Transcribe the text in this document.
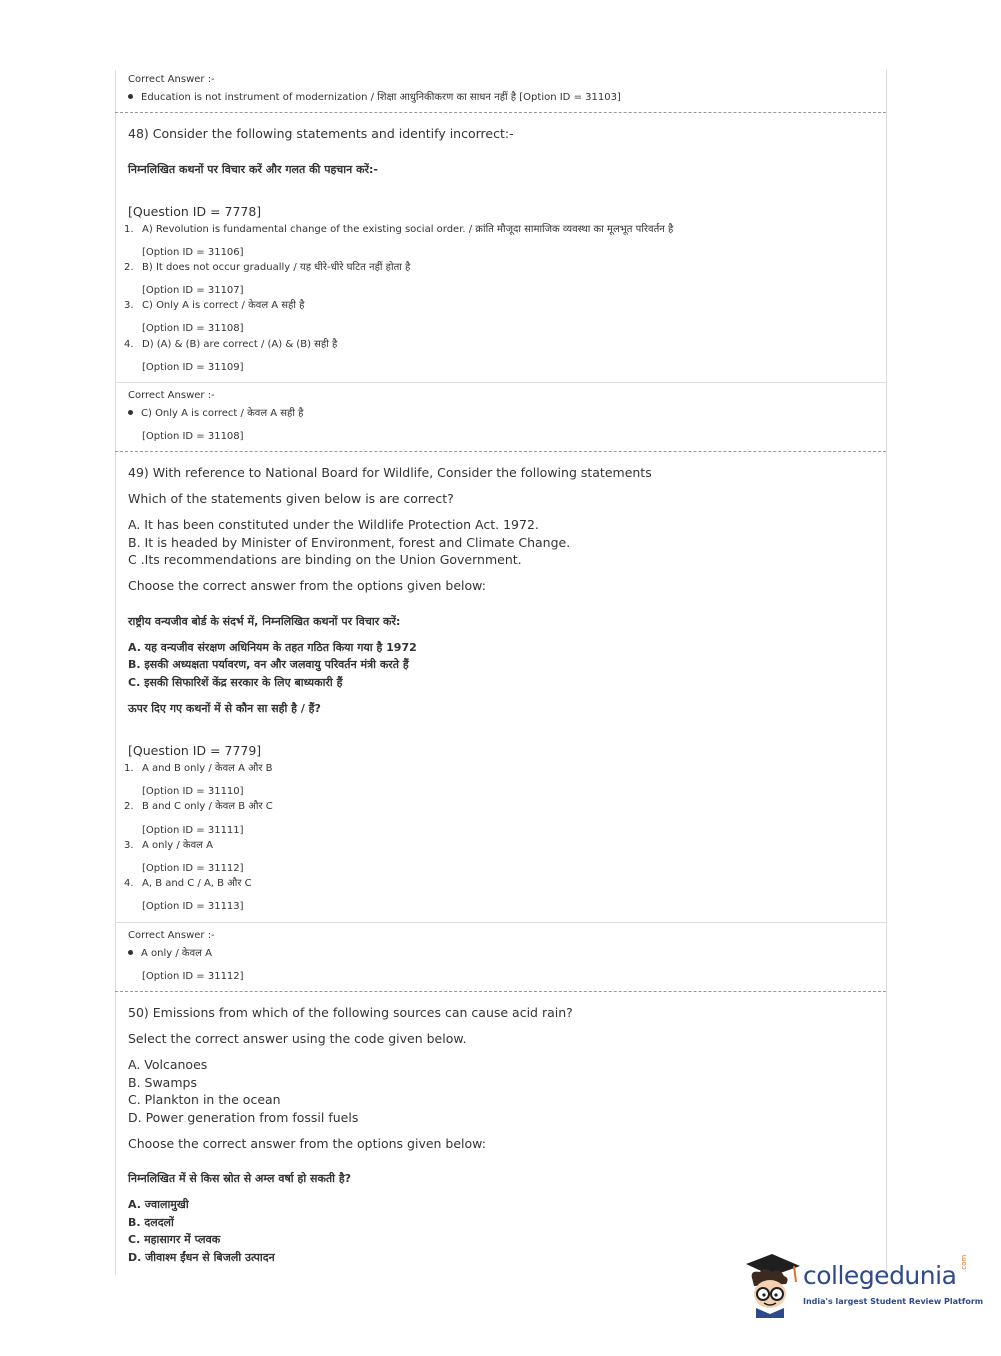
Correct Answer :-
Education is not instrument of modernization / शिक्षा आधुनिकीकरण का साधन नहीं है [Option ID = 31103]
48) Consider the following statements and identify incorrect:-
निम्नलिखित कथनों पर विचार करें और गलत की पहचान करें:-
[Question ID = 7778]
1. A) Revolution is fundamental change of the existing social order. / क्रांति मौजूदा सामाजिक व्यवस्था का मूलभूत परिवर्तन है
[Option ID = 31106]
2. B) It does not occur gradually / यह धीरे-धीरे घटित नहीं होता है
[Option ID = 31107]
3. C) Only A is correct / केवल A सही है
[Option ID = 31108]
4. D) (A) & (B) are correct / (A) & (B) सही है
[Option ID = 31109]
Correct Answer :-
C) Only A is correct / केवल A सही है
[Option ID = 31108]
49) With reference to National Board for Wildlife, Consider the following statements
Which of the statements given below is are correct?
A. It has been constituted under the Wildlife Protection Act. 1972.
B. It is headed by Minister of Environment, forest and Climate Change.
C .Its recommendations are binding on the Union Government.
Choose the correct answer from the options given below:
राष्ट्रीय वन्यजीव बोर्ड के संदर्भ में, निम्नलिखित कथनों पर विचार करें:
A. यह वन्यजीव संरक्षण अधिनियम के तहत गठित किया गया है 1972
B. इसकी अध्यक्षता पर्यावरण, वन और जलवायु परिवर्तन मंत्री करते हैं
C. इसकी सिफारिशें केंद्र सरकार के लिए बाध्यकारी हैं
ऊपर दिए गए कथनों में से कौन सा सही है / हैं?
[Question ID = 7779]
1. A and B only / केवल A और B
[Option ID = 31110]
2. B and C only / केवल B और C
[Option ID = 31111]
3. A only / केवल A
[Option ID = 31112]
4. A, B and C / A, B और C
[Option ID = 31113]
Correct Answer :-
A only / केवल A
[Option ID = 31112]
50) Emissions from which of the following sources can cause acid rain?
Select the correct answer using the code given below.
A. Volcanoes
B. Swamps
C. Plankton in the ocean
D. Power generation from fossil fuels
Choose the correct answer from the options given below:
निम्नलिखित में से किस स्रोत से अम्ल वर्षा हो सकती है?
A. ज्वालामुखी
B. दलदलों
C. महासागर में प्लवक
D. जीवाश्म ईंधन से बिजली उत्पादन
collegedunia .com
India's largest Student Review Platform
